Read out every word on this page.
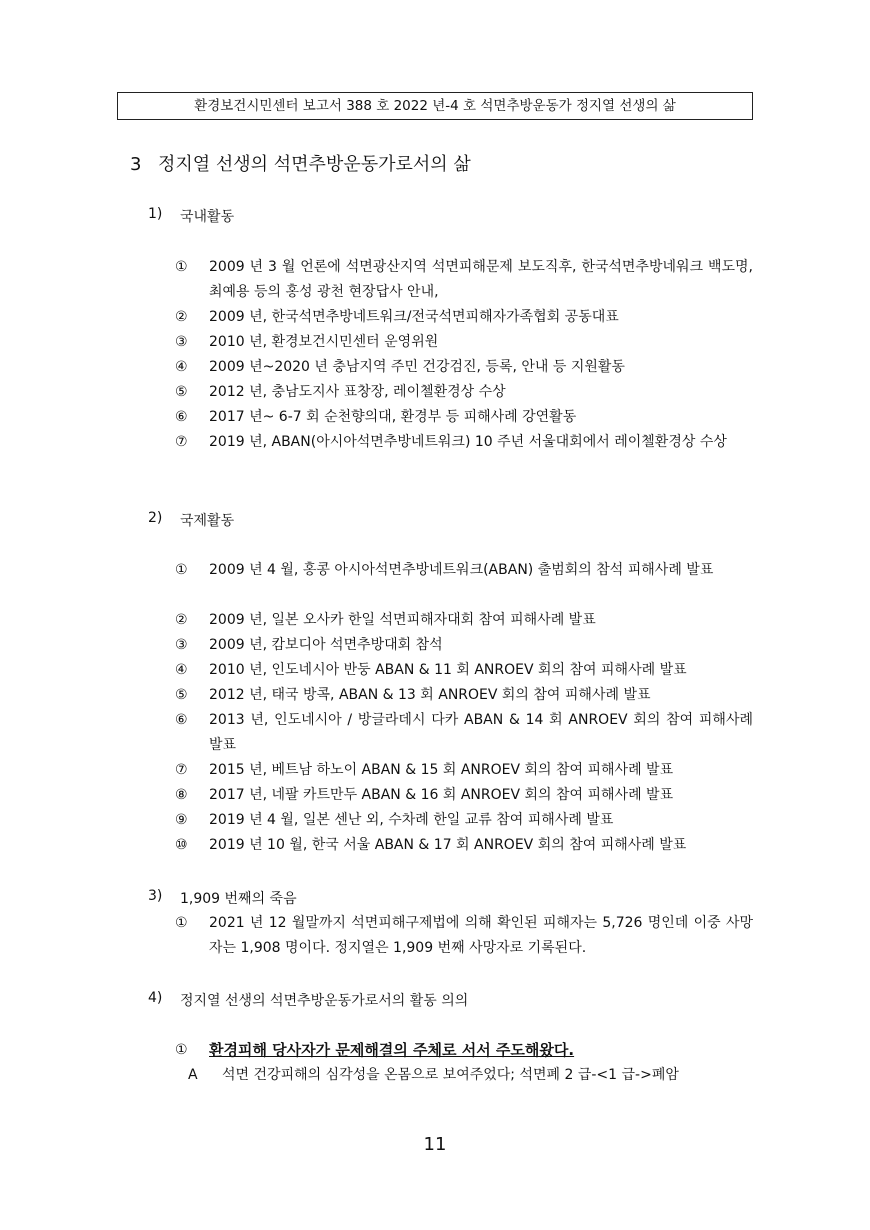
환경보건시민센터 보고서 388 호 2022 년-4 호 석면추방운동가 정지열 선생의 삶
3 정지열 선생의 석면추방운동가로서의 삶
1) 국내활동
①	2009 년 3 월 언론에 석면광산지역 석면피해문제 보도직후, 한국석면추방네워크 백도명, 최예용 등의 홍성 광천 현장답사 안내,
②	2009 년, 한국석면추방네트워크/전국석면피해자가족협회 공동대표
③	2010 년, 환경보건시민센터 운영위원
④	2009 년~2020 년 충남지역 주민 건강검진, 등록, 안내 등 지원활동
⑤	2012 년, 충남도지사 표창장, 레이첼환경상 수상
⑥	2017 년~ 6-7 회 순천향의대, 환경부 등 피해사례 강연활동
⑦	2019 년, ABAN(아시아석면추방네트워크) 10 주년 서울대회에서 레이첼환경상 수상
2) 국제활동
①	2009 년 4 월, 홍콩 아시아석면추방네트워크(ABAN) 출범회의 참석 피해사례 발표
②	2009 년, 일본 오사카 한일 석면피해자대회 참여 피해사례 발표
③	2009 년, 캄보디아 석면추방대회 참석
④	2010 년, 인도네시아 반둥 ABAN & 11 회 ANROEV 회의 참여 피해사례 발표
⑤	2012 년, 태국 방콕, ABAN & 13 회 ANROEV 회의 참여 피해사례 발표
⑥	2013 년, 인도네시아 / 방글라데시 다카 ABAN & 14 회 ANROEV 회의 참여 피해사례 발표
⑦	2015 년, 베트남 하노이 ABAN & 15 회 ANROEV 회의 참여 피해사례 발표
⑧	2017 년, 네팔 카트만두 ABAN & 16 회 ANROEV 회의 참여 피해사례 발표
⑨	2019 년 4 월, 일본 센난 외, 수차례 한일 교류 참여 피해사례 발표
⑩	2019 년 10 월, 한국 서울 ABAN & 17 회 ANROEV 회의 참여 피해사례 발표
3) 1,909 번째의 죽음
①	2021 년 12 월말까지 석면피해구제법에 의해 확인된 피해자는 5,726 명인데 이중 사망자는 1,908 명이다. 정지열은 1,909 번째 사망자로 기록된다.
4) 정지열 선생의 석면추방운동가로서의 활동 의의
①	환경피해 당사자가 문제해결의 주체로 서서 주도해왔다.
A 석면 건강피해의 심각성을 온몸으로 보여주었다; 석면폐 2 급-<1 급->폐암
11
